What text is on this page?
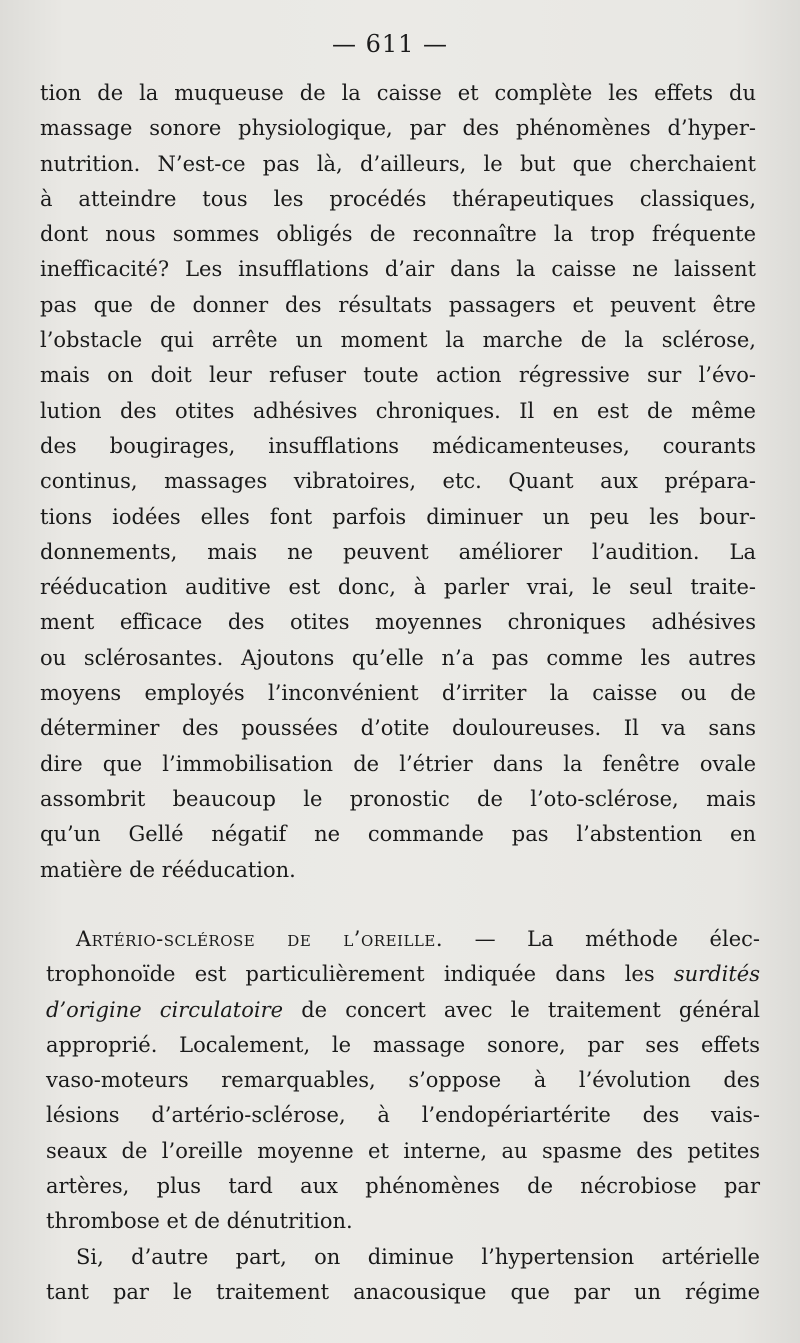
— 611 —
tion de la muqueuse de la caisse et complète les effets du
massage sonore physiologique, par des phénomènes d’hyper-
nutrition. N’est-ce pas là, d’ailleurs, le but que cherchaient
à atteindre tous les procédés thérapeutiques classiques,
dont nous sommes obligés de reconnaître la trop fréquente
inefficacité? Les insufflations d’air dans la caisse ne laissent
pas que de donner des résultats passagers et peuvent être
l’obstacle qui arrête un moment la marche de la sclérose,
mais on doit leur refuser toute action régressive sur l’évo-
lution des otites adhésives chroniques. Il en est de même
des bougirages, insufflations médicamenteuses, courants
continus, massages vibratoires, etc. Quant aux prépara-
tions iodées elles font parfois diminuer un peu les bour-
donnements, mais ne peuvent améliorer l’audition. La
rééducation auditive est donc, à parler vrai, le seul traite-
ment efficace des otites moyennes chroniques adhésives
ou sclérosantes. Ajoutons qu’elle n’a pas comme les autres
moyens employés l’inconvénient d’irriter la caisse ou de
déterminer des poussées d’otite douloureuses. Il va sans
dire que l’immobilisation de l’étrier dans la fenêtre ovale
assombrit beaucoup le pronostic de l’oto-sclérose, mais
qu’un Gellé négatif ne commande pas l’abstention en
matière de rééducation.
Artério-sclérose de l’oreille. — La méthode élec-
trophonoïde est particulièrement indiquée dans les surdités
d’origine circulatoire de concert avec le traitement général
approprié. Localement, le massage sonore, par ses effets
vaso-moteurs remarquables, s’oppose à l’évolution des
lésions d’artério-sclérose, à l’endopériartérite des vais-
seaux de l’oreille moyenne et interne, au spasme des petites
artères, plus tard aux phénomènes de nécrobiose par
thrombose et de dénutrition.
Si, d’autre part, on diminue l’hypertension artérielle
tant par le traitement anacousique que par un régime
